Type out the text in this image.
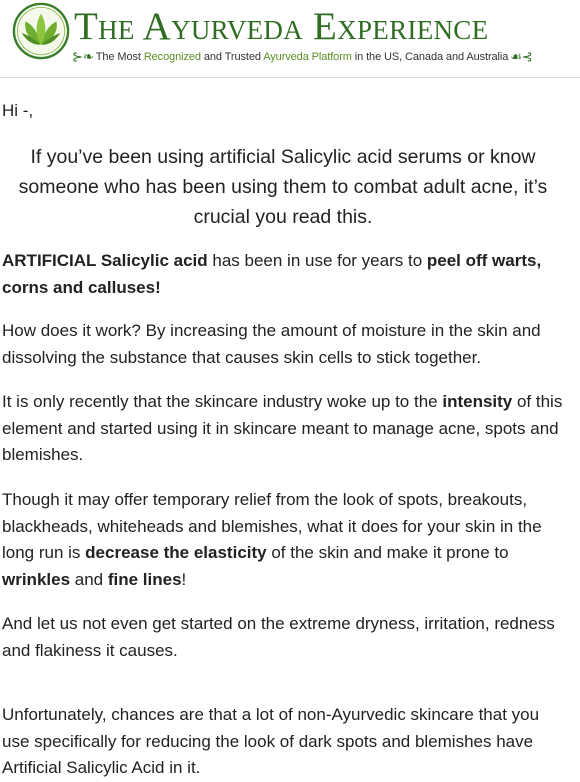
The Ayurveda Experience
⊱❧ The Most Recognized and Trusted Ayurveda Platform in the US, Canada and Australia ☙⊰

Hi -,

If you’ve been using artificial Salicylic acid serums or know someone who has been using them to combat adult acne, it’s crucial you read this.

ARTIFICIAL Salicylic acid has been in use for years to peel off warts, corns and calluses!

How does it work? By increasing the amount of moisture in the skin and dissolving the substance that causes skin cells to stick together.

It is only recently that the skincare industry woke up to the intensity of this element and started using it in skincare meant to manage acne, spots and blemishes.

Though it may offer temporary relief from the look of spots, breakouts, blackheads, whiteheads and blemishes, what it does for your skin in the long run is decrease the elasticity of the skin and make it prone to wrinkles and fine lines!

And let us not even get started on the extreme dryness, irritation, redness and flakiness it causes.

Unfortunately, chances are that a lot of non-Ayurvedic skincare that you use specifically for reducing the look of dark spots and blemishes have Artificial Salicylic Acid in it.
